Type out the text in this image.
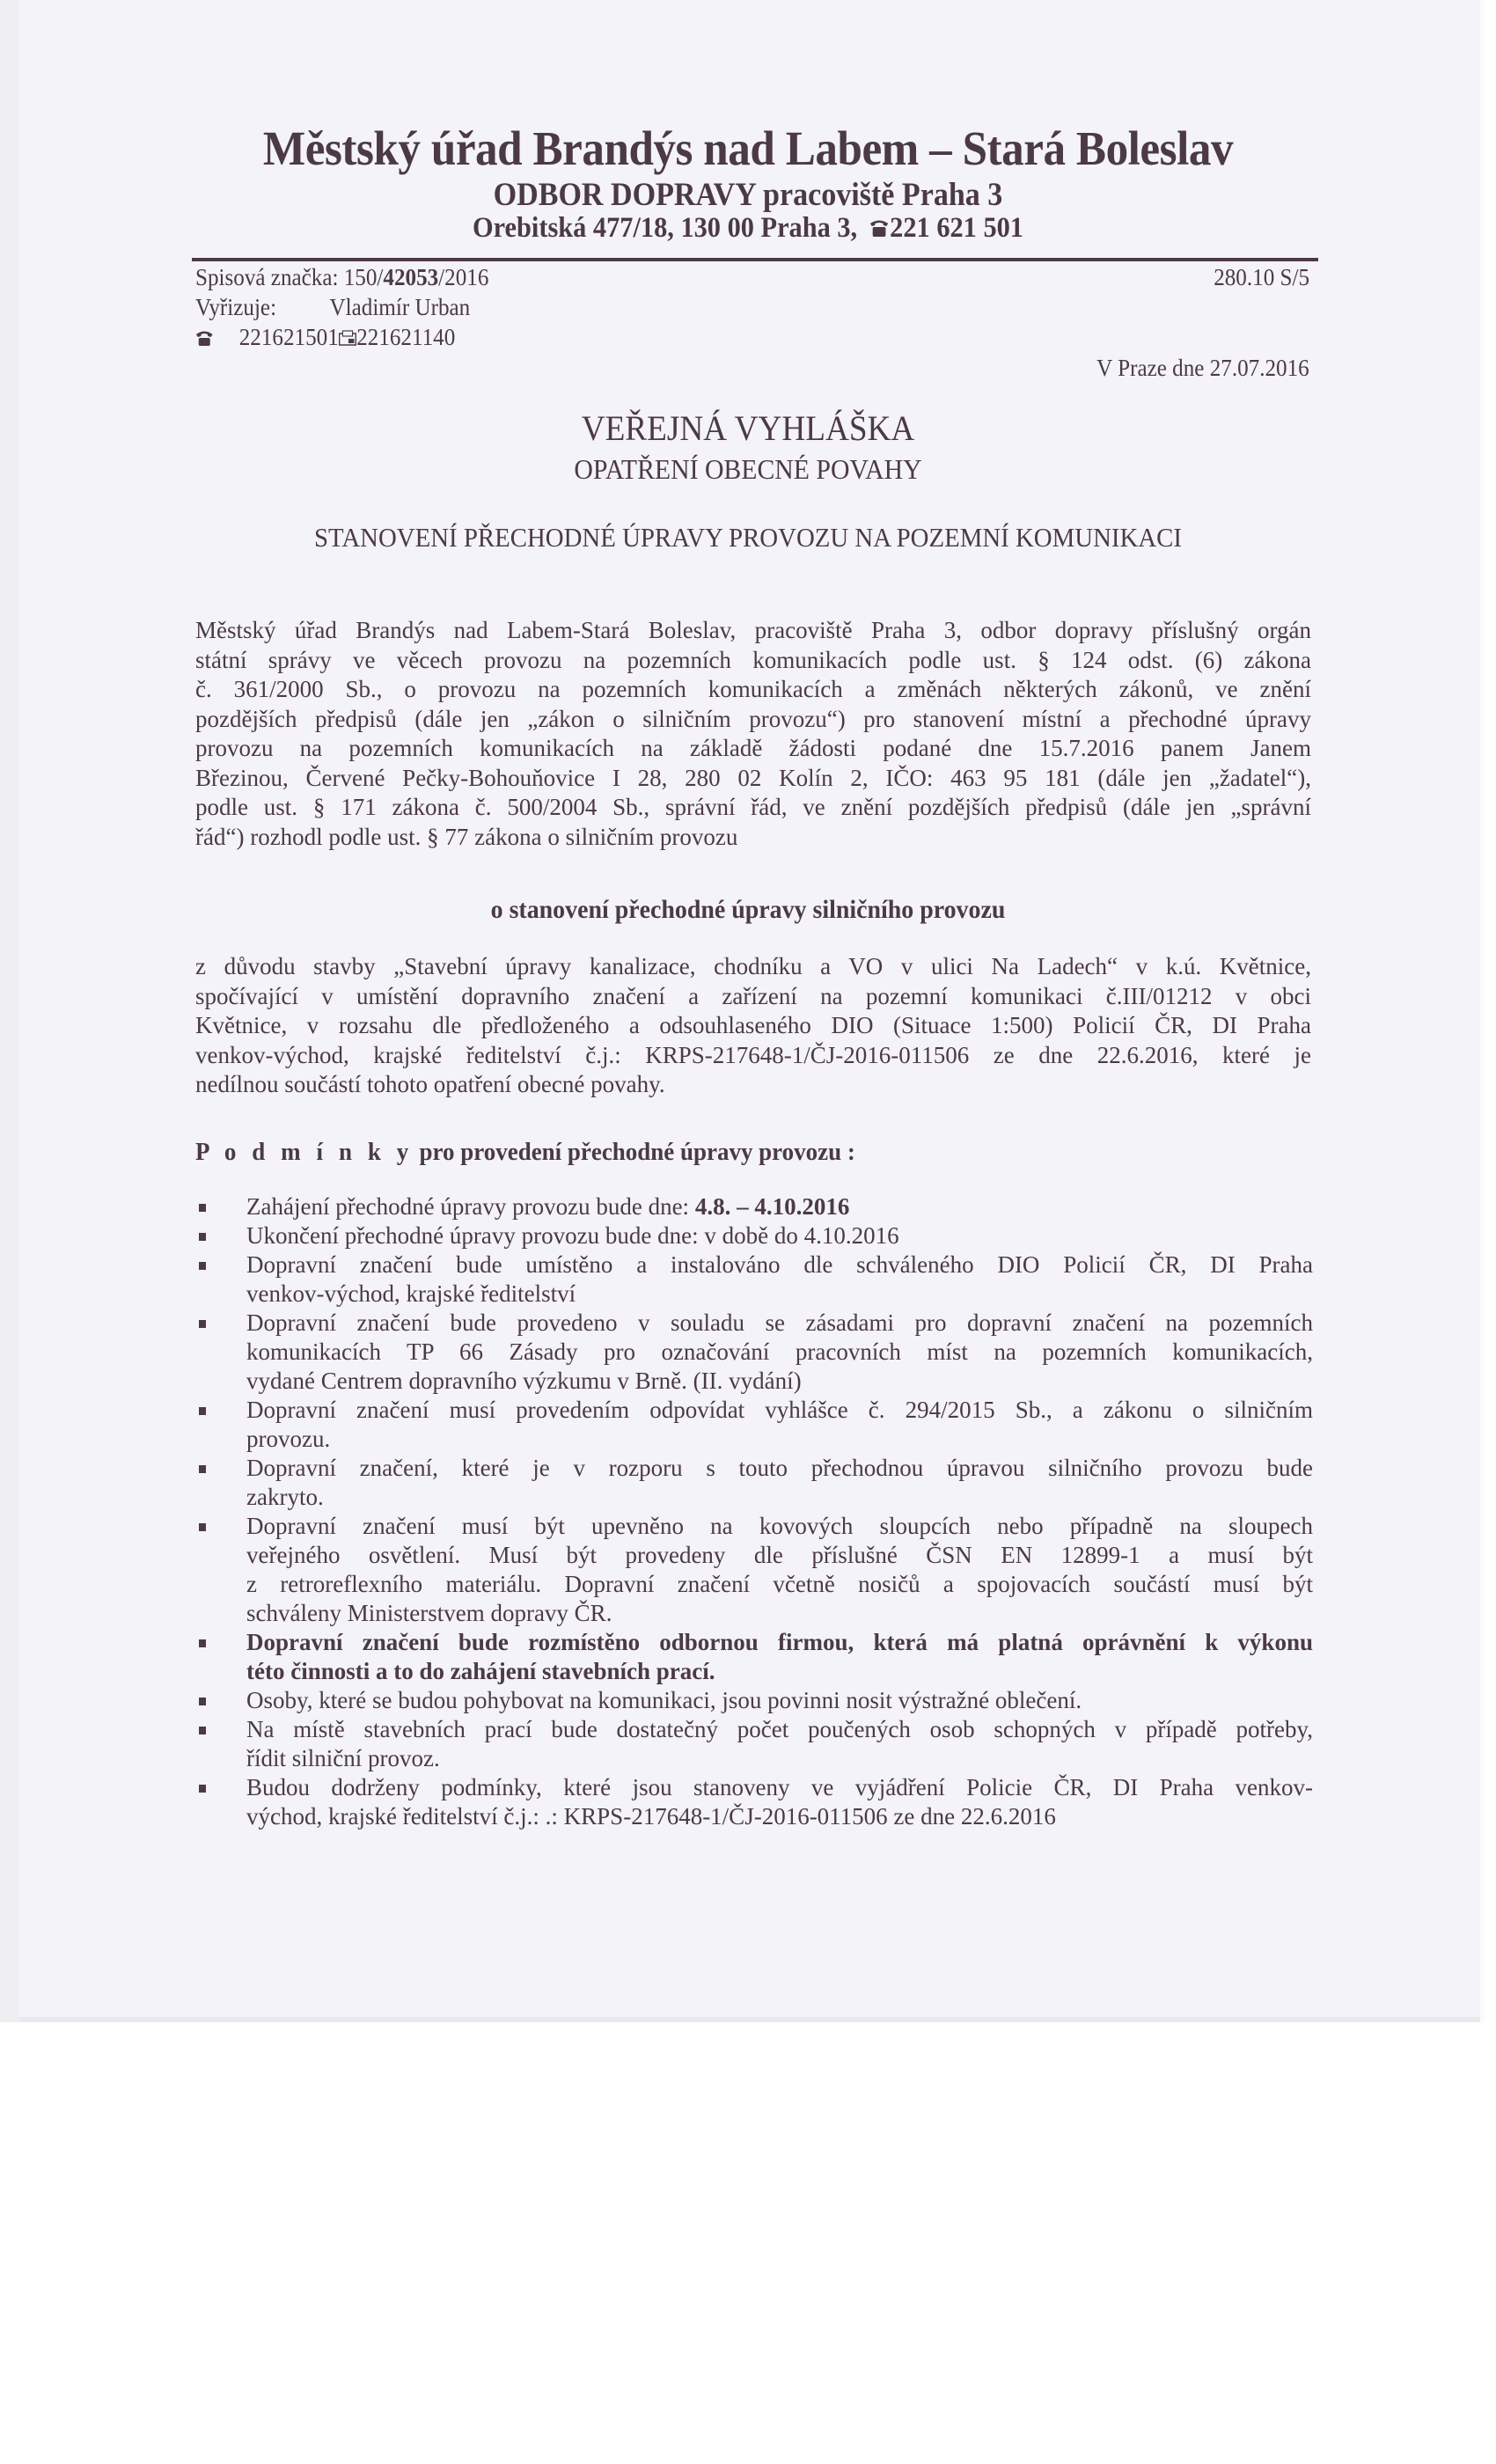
Městský úřad Brandýs nad Labem – Stará Boleslav
ODBOR DOPRAVY pracoviště Praha 3
Orebitská 477/18, 130 00 Praha 3, 221 621 501
Spisová značka: 150/42053/2016
Vyřizuje: Vladimír Urban
221621501 221621140
280.10 S/5
V Praze dne 27.07.2016
VEŘEJNÁ VYHLÁŠKA
OPATŘENÍ OBECNÉ POVAHY
STANOVENÍ PŘECHODNÉ ÚPRAVY PROVOZU NA POZEMNÍ KOMUNIKACI
Městský úřad Brandýs nad Labem-Stará Boleslav, pracoviště Praha 3, odbor dopravy příslušný orgán
státní správy ve věcech provozu na pozemních komunikacích podle ust. § 124 odst. (6) zákona
č. 361/2000 Sb., o provozu na pozemních komunikacích a změnách některých zákonů, ve znění
pozdějších předpisů (dále jen „zákon o silničním provozu“) pro stanovení místní a přechodné úpravy
provozu na pozemních komunikacích na základě žádosti podané dne 15.7.2016 panem Janem
Březinou, Červené Pečky-Bohouňovice I 28, 280 02 Kolín 2, IČO: 463 95 181 (dále jen „žadatel“),
podle ust. § 171 zákona č. 500/2004 Sb., správní řád, ve znění pozdějších předpisů (dále jen „správní
řád“) rozhodl podle ust. § 77 zákona o silničním provozu
o stanovení přechodné úpravy silničního provozu
z důvodu stavby „Stavební úpravy kanalizace, chodníku a VO v ulici Na Ladech“ v k.ú. Květnice,
spočívající v umístění dopravního značení a zařízení na pozemní komunikaci č.III/01212 v obci
Květnice, v rozsahu dle předloženého a odsouhlaseného DIO (Situace 1:500) Policií ČR, DI Praha
venkov-východ, krajské ředitelství č.j.: KRPS-217648-1/ČJ-2016-011506 ze dne 22.6.2016, které je
nedílnou součástí tohoto opatření obecné povahy.
P o d m í n k y pro provedení přechodné úpravy provozu :
Zahájení přechodné úpravy provozu bude dne: 4.8. – 4.10.2016
Ukončení přechodné úpravy provozu bude dne: v době do 4.10.2016
Dopravní značení bude umístěno a instalováno dle schváleného DIO Policií ČR, DI Praha
venkov-východ, krajské ředitelství
Dopravní značení bude provedeno v souladu se zásadami pro dopravní značení na pozemních
komunikacích TP 66 Zásady pro označování pracovních míst na pozemních komunikacích,
vydané Centrem dopravního výzkumu v Brně. (II. vydání)
Dopravní značení musí provedením odpovídat vyhlášce č. 294/2015 Sb., a zákonu o silničním
provozu.
Dopravní značení, které je v rozporu s touto přechodnou úpravou silničního provozu bude
zakryto.
Dopravní značení musí být upevněno na kovových sloupcích nebo případně na sloupech
veřejného osvětlení. Musí být provedeny dle příslušné ČSN EN 12899-1 a musí být
z retroreflexního materiálu. Dopravní značení včetně nosičů a spojovacích součástí musí být
schváleny Ministerstvem dopravy ČR.
Dopravní značení bude rozmístěno odbornou firmou, která má platná oprávnění k výkonu
této činnosti a to do zahájení stavebních prací.
Osoby, které se budou pohybovat na komunikaci, jsou povinni nosit výstražné oblečení.
Na místě stavebních prací bude dostatečný počet poučených osob schopných v případě potřeby,
řídit silniční provoz.
Budou dodrženy podmínky, které jsou stanoveny ve vyjádření Policie ČR, DI Praha venkov-
východ, krajské ředitelství č.j.: .: KRPS-217648-1/ČJ-2016-011506 ze dne 22.6.2016
